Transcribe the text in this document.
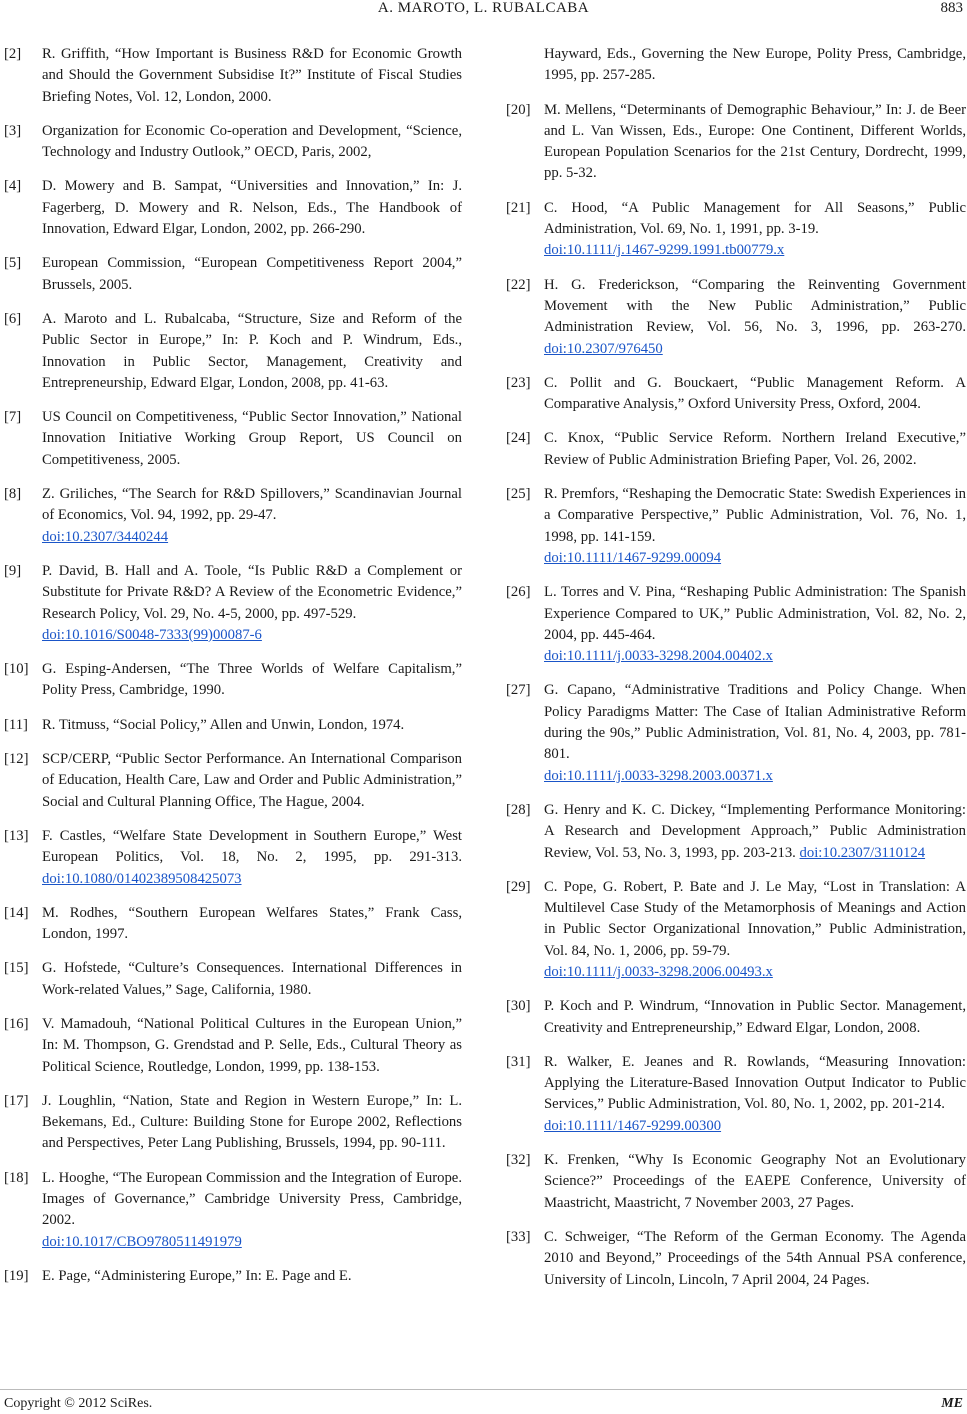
A. MAROTO, L. RUBALCABA	883
[2] R. Griffith, “How Important is Business R&D for Economic Growth and Should the Government Subsidise It?” Institute of Fiscal Studies Briefing Notes, Vol. 12, London, 2000.
[3] Organization for Economic Co-operation and Development, “Science, Technology and Industry Outlook,” OECD, Paris, 2002,
[4] D. Mowery and B. Sampat, “Universities and Innovation,” In: J. Fagerberg, D. Mowery and R. Nelson, Eds., The Handbook of Innovation, Edward Elgar, London, 2002, pp. 266-290.
[5] European Commission, “European Competitiveness Report 2004,” Brussels, 2005.
[6] A. Maroto and L. Rubalcaba, “Structure, Size and Reform of the Public Sector in Europe,” In: P. Koch and P. Windrum, Eds., Innovation in Public Sector, Management, Creativity and Entrepreneurship, Edward Elgar, London, 2008, pp. 41-63.
[7] US Council on Competitiveness, “Public Sector Innovation,” National Innovation Initiative Working Group Report, US Council on Competitiveness, 2005.
[8] Z. Griliches, “The Search for R&D Spillovers,” Scandinavian Journal of Economics, Vol. 94, 1992, pp. 29-47.
doi:10.2307/3440244
[9] P. David, B. Hall and A. Toole, “Is Public R&D a Complement or Substitute for Private R&D? A Review of the Econometric Evidence,” Research Policy, Vol. 29, No. 4-5, 2000, pp. 497-529.
doi:10.1016/S0048-7333(99)00087-6
[10] G. Esping-Andersen, “The Three Worlds of Welfare Capitalism,” Polity Press, Cambridge, 1990.
[11] R. Titmuss, “Social Policy,” Allen and Unwin, London, 1974.
[12] SCP/CERP, “Public Sector Performance. An International Comparison of Education, Health Care, Law and Order and Public Administration,” Social and Cultural Planning Office, The Hague, 2004.
[13] F. Castles, “Welfare State Development in Southern Europe,” West European Politics, Vol. 18, No. 2, 1995, pp. 291-313. doi:10.1080/01402389508425073
[14] M. Rodhes, “Southern European Welfares States,” Frank Cass, London, 1997.
[15] G. Hofstede, “Culture’s Consequences. International Differences in Work-related Values,” Sage, California, 1980.
[16] V. Mamadouh, “National Political Cultures in the European Union,” In: M. Thompson, G. Grendstad and P. Selle, Eds., Cultural Theory as Political Science, Routledge, London, 1999, pp. 138-153.
[17] J. Loughlin, “Nation, State and Region in Western Europe,” In: L. Bekemans, Ed., Culture: Building Stone for Europe 2002, Reflections and Perspectives, Peter Lang Publishing, Brussels, 1994, pp. 90-111.
[18] L. Hooghe, “The European Commission and the Integration of Europe. Images of Governance,” Cambridge University Press, Cambridge, 2002.
doi:10.1017/CBO9780511491979
[19] E. Page, “Administering Europe,” In: E. Page and E.
Hayward, Eds., Governing the New Europe, Polity Press, Cambridge, 1995, pp. 257-285.
[20] M. Mellens, “Determinants of Demographic Behaviour,” In: J. de Beer and L. Van Wissen, Eds., Europe: One Continent, Different Worlds, European Population Scenarios for the 21st Century, Dordrecht, 1999, pp. 5-32.
[21] C. Hood, “A Public Management for All Seasons,” Public Administration, Vol. 69, No. 1, 1991, pp. 3-19.
doi:10.1111/j.1467-9299.1991.tb00779.x
[22] H. G. Frederickson, “Comparing the Reinventing Government Movement with the New Public Administration,” Public Administration Review, Vol. 56, No. 3, 1996, pp. 263-270. doi:10.2307/976450
[23] C. Pollit and G. Bouckaert, “Public Management Reform. A Comparative Analysis,” Oxford University Press, Oxford, 2004.
[24] C. Knox, “Public Service Reform. Northern Ireland Executive,” Review of Public Administration Briefing Paper, Vol. 26, 2002.
[25] R. Premfors, “Reshaping the Democratic State: Swedish Experiences in a Comparative Perspective,” Public Administration, Vol. 76, No. 1, 1998, pp. 141-159.
doi:10.1111/1467-9299.00094
[26] L. Torres and V. Pina, “Reshaping Public Administration: The Spanish Experience Compared to UK,” Public Administration, Vol. 82, No. 2, 2004, pp. 445-464.
doi:10.1111/j.0033-3298.2004.00402.x
[27] G. Capano, “Administrative Traditions and Policy Change. When Policy Paradigms Matter: The Case of Italian Administrative Reform during the 90s,” Public Administration, Vol. 81, No. 4, 2003, pp. 781-801.
doi:10.1111/j.0033-3298.2003.00371.x
[28] G. Henry and K. C. Dickey, “Implementing Performance Monitoring: A Research and Development Approach,” Public Administration Review, Vol. 53, No. 3, 1993, pp. 203-213. doi:10.2307/3110124
[29] C. Pope, G. Robert, P. Bate and J. Le May, “Lost in Translation: A Multilevel Case Study of the Metamorphosis of Meanings and Action in Public Sector Organizational Innovation,” Public Administration, Vol. 84, No. 1, 2006, pp. 59-79.
doi:10.1111/j.0033-3298.2006.00493.x
[30] P. Koch and P. Windrum, “Innovation in Public Sector. Management, Creativity and Entrepreneurship,” Edward Elgar, London, 2008.
[31] R. Walker, E. Jeanes and R. Rowlands, “Measuring Innovation: Applying the Literature-Based Innovation Output Indicator to Public Services,” Public Administration, Vol. 80, No. 1, 2002, pp. 201-214.
doi:10.1111/1467-9299.00300
[32] K. Frenken, “Why Is Economic Geography Not an Evolutionary Science?” Proceedings of the EAEPE Conference, University of Maastricht, Maastricht, 7 November 2003, 27 Pages.
[33] C. Schweiger, “The Reform of the German Economy. The Agenda 2010 and Beyond,” Proceedings of the 54th Annual PSA conference, University of Lincoln, Lincoln, 7 April 2004, 24 Pages.
Copyright © 2012 SciRes.	ME
